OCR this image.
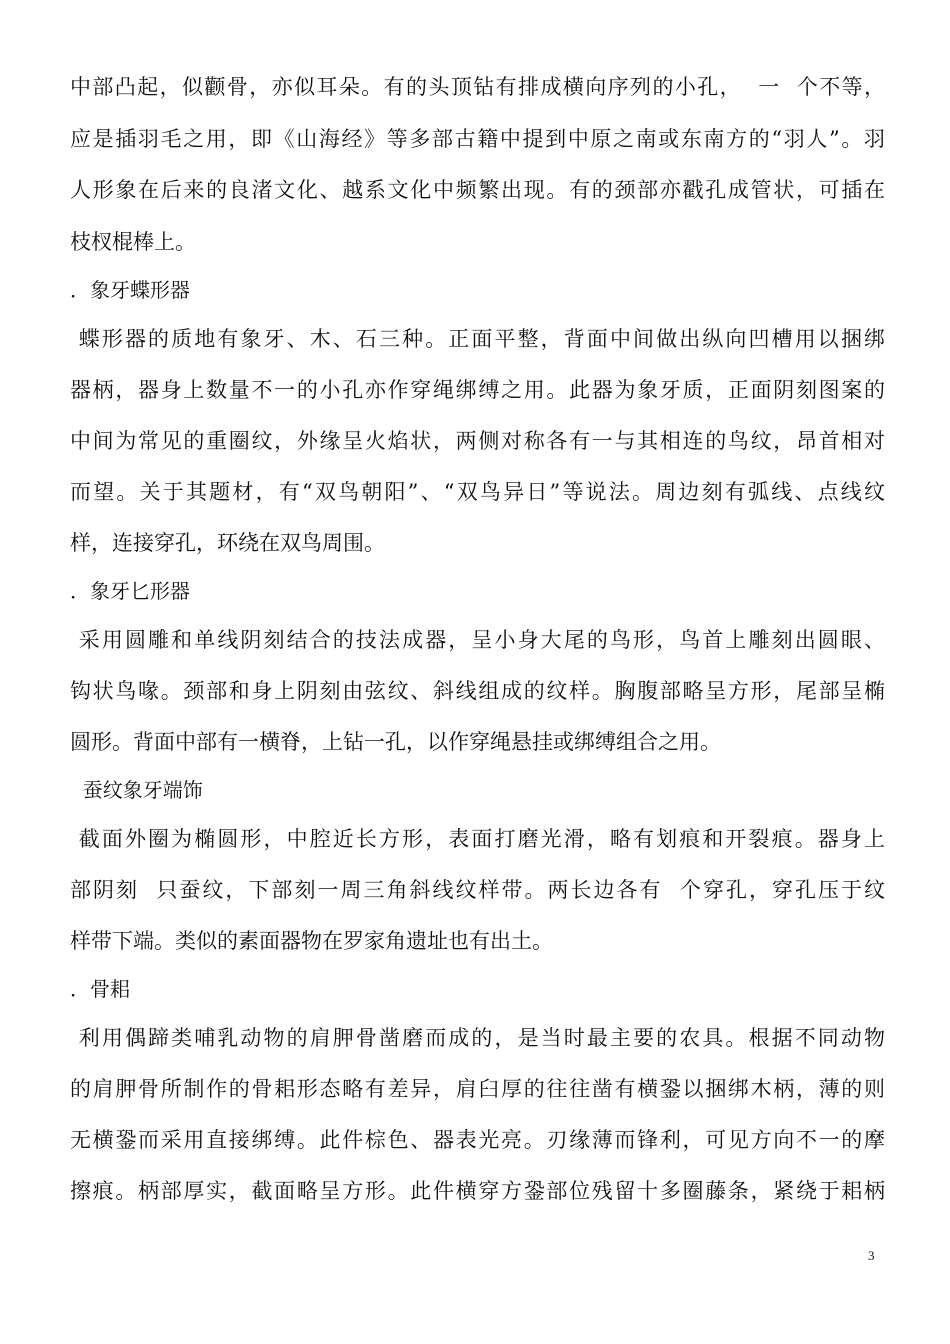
中部凸起，似颧骨，亦似耳朵。有的头顶钻有排成横向序列的小孔，  一  个不等，
应是插羽毛之用，即《山海经》等多部古籍中提到中原之南或东南方的“羽人”。羽
人形象在后来的良渚文化、越系文化中频繁出现。有的颈部亦戳孔成管状，可插在
枝杈棍棒上。
．象牙蝶形器
蝶形器的质地有象牙、木、石三种。正面平整，背面中间做出纵向凹槽用以捆绑
器柄，器身上数量不一的小孔亦作穿绳绑缚之用。此器为象牙质，正面阴刻图案的
中间为常见的重圈纹，外缘呈火焰状，两侧对称各有一与其相连的鸟纹，昂首相对
而望。关于其题材，有“双鸟朝阳”、“双鸟异日”等说法。周边刻有弧线、点线纹
样，连接穿孔，环绕在双鸟周围。
．象牙匕形器
采用圆雕和单线阴刻结合的技法成器，呈小身大尾的鸟形，鸟首上雕刻出圆眼、
钩状鸟喙。颈部和身上阴刻由弦纹、斜线组成的纹样。胸腹部略呈方形，尾部呈椭
圆形。背面中部有一横脊，上钻一孔，以作穿绳悬挂或绑缚组合之用。
蚕纹象牙端饰
截面外圈为椭圆形，中腔近长方形，表面打磨光滑，略有划痕和开裂痕。器身上
部阴刻  只蚕纹，下部刻一周三角斜线纹样带。两长边各有  个穿孔，穿孔压于纹
样带下端。类似的素面器物在罗家角遗址也有出土。
．骨耜
利用偶蹄类哺乳动物的肩胛骨凿磨而成的，是当时最主要的农具。根据不同动物
的肩胛骨所制作的骨耜形态略有差异，肩臼厚的往往凿有横銎以捆绑木柄，薄的则
无横銎而采用直接绑缚。此件棕色、器表光亮。刃缘薄而锋利，可见方向不一的摩
擦痕。柄部厚实，截面略呈方形。此件横穿方銎部位残留十多圈藤条，紧绕于耜柄
3
